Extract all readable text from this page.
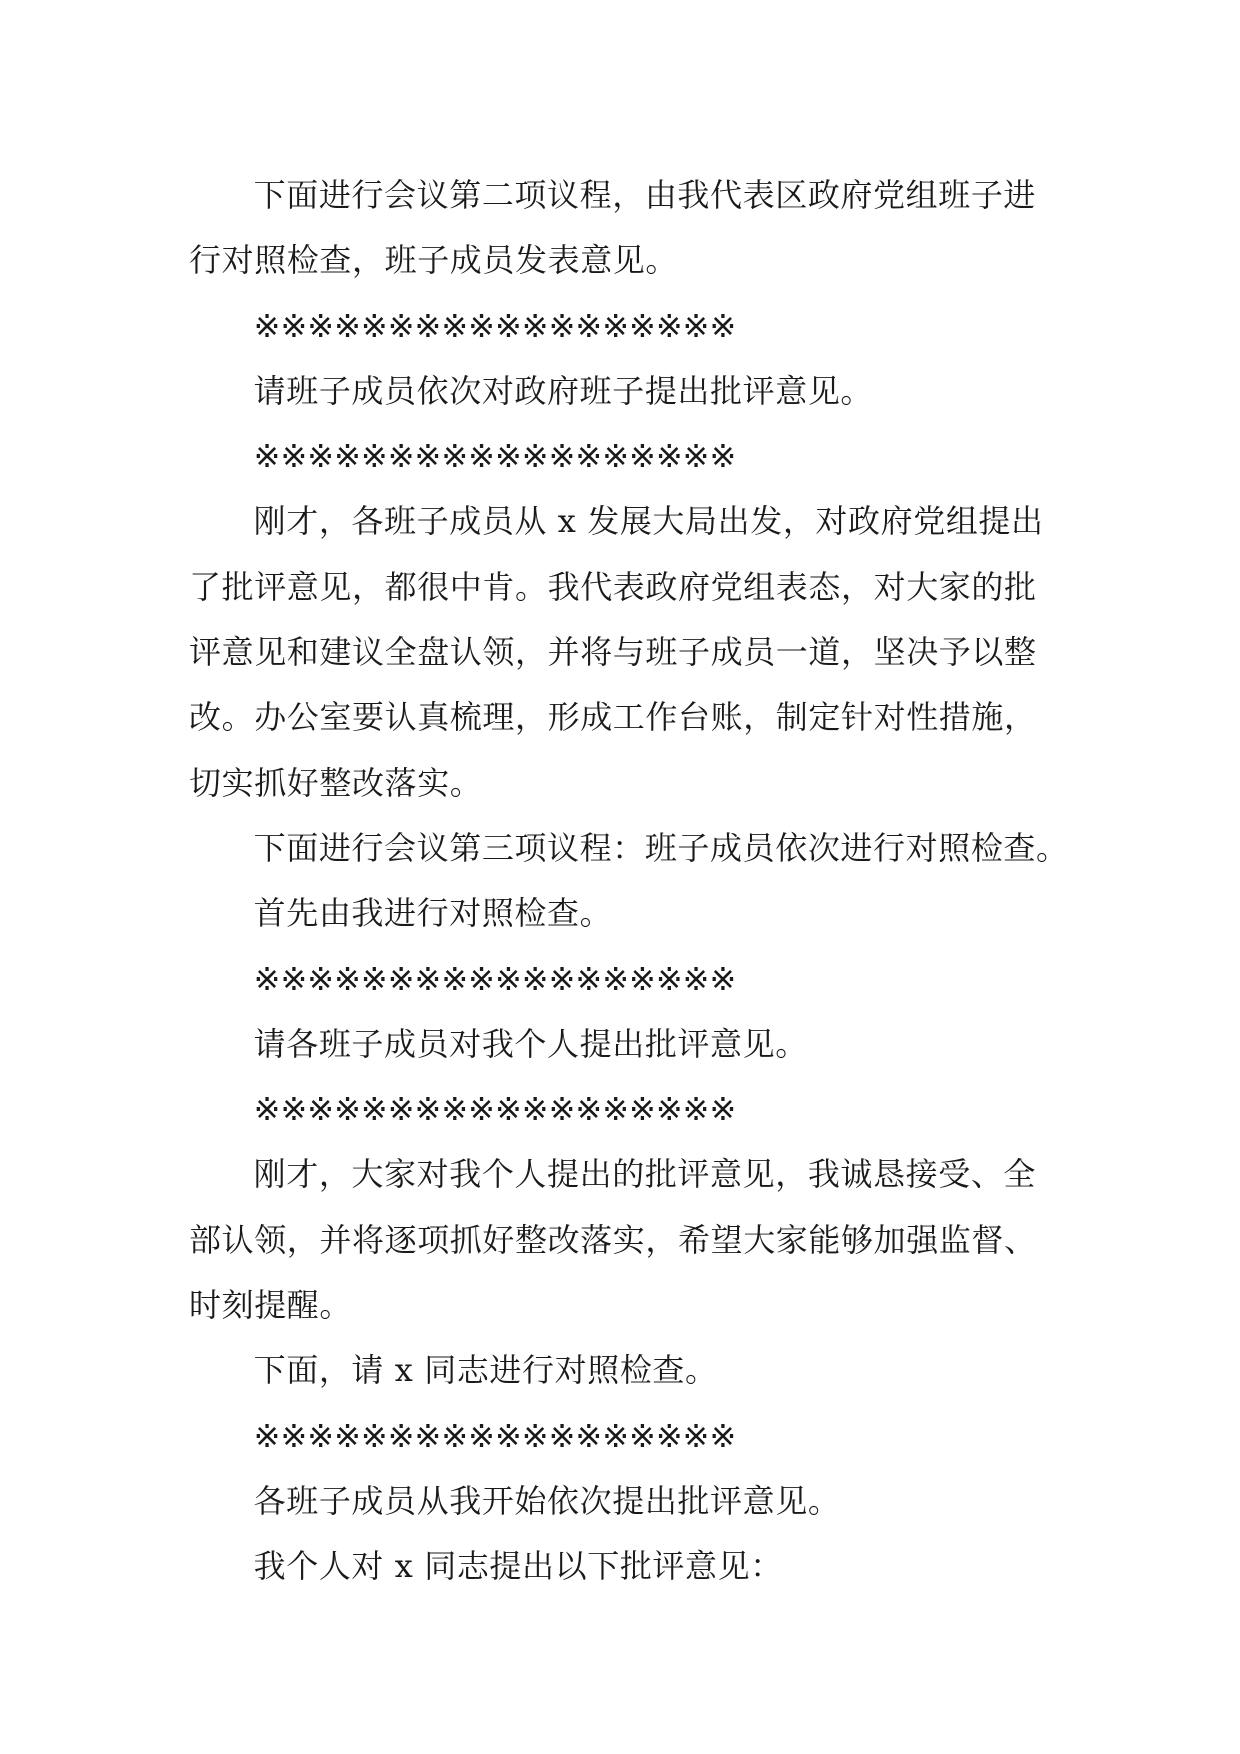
下面进行会议第二项议程，由我代表区政府党组班子进
行对照检查，班子成员发表意见。

※※※※※※※※※※※※※※※※※※

请班子成员依次对政府班子提出批评意见。

※※※※※※※※※※※※※※※※※※

刚才，各班子成员从 x 发展大局出发，对政府党组提出
了批评意见，都很中肯。我代表政府党组表态，对大家的批
评意见和建议全盘认领，并将与班子成员一道，坚决予以整
改。办公室要认真梳理，形成工作台账，制定针对性措施，
切实抓好整改落实。

下面进行会议第三项议程：班子成员依次进行对照检查。

首先由我进行对照检查。

※※※※※※※※※※※※※※※※※※

请各班子成员对我个人提出批评意见。

※※※※※※※※※※※※※※※※※※

刚才，大家对我个人提出的批评意见，我诚恳接受、全
部认领，并将逐项抓好整改落实，希望大家能够加强监督、
时刻提醒。

下面，请 x 同志进行对照检查。

※※※※※※※※※※※※※※※※※※

各班子成员从我开始依次提出批评意见。

我个人对 x 同志提出以下批评意见：
